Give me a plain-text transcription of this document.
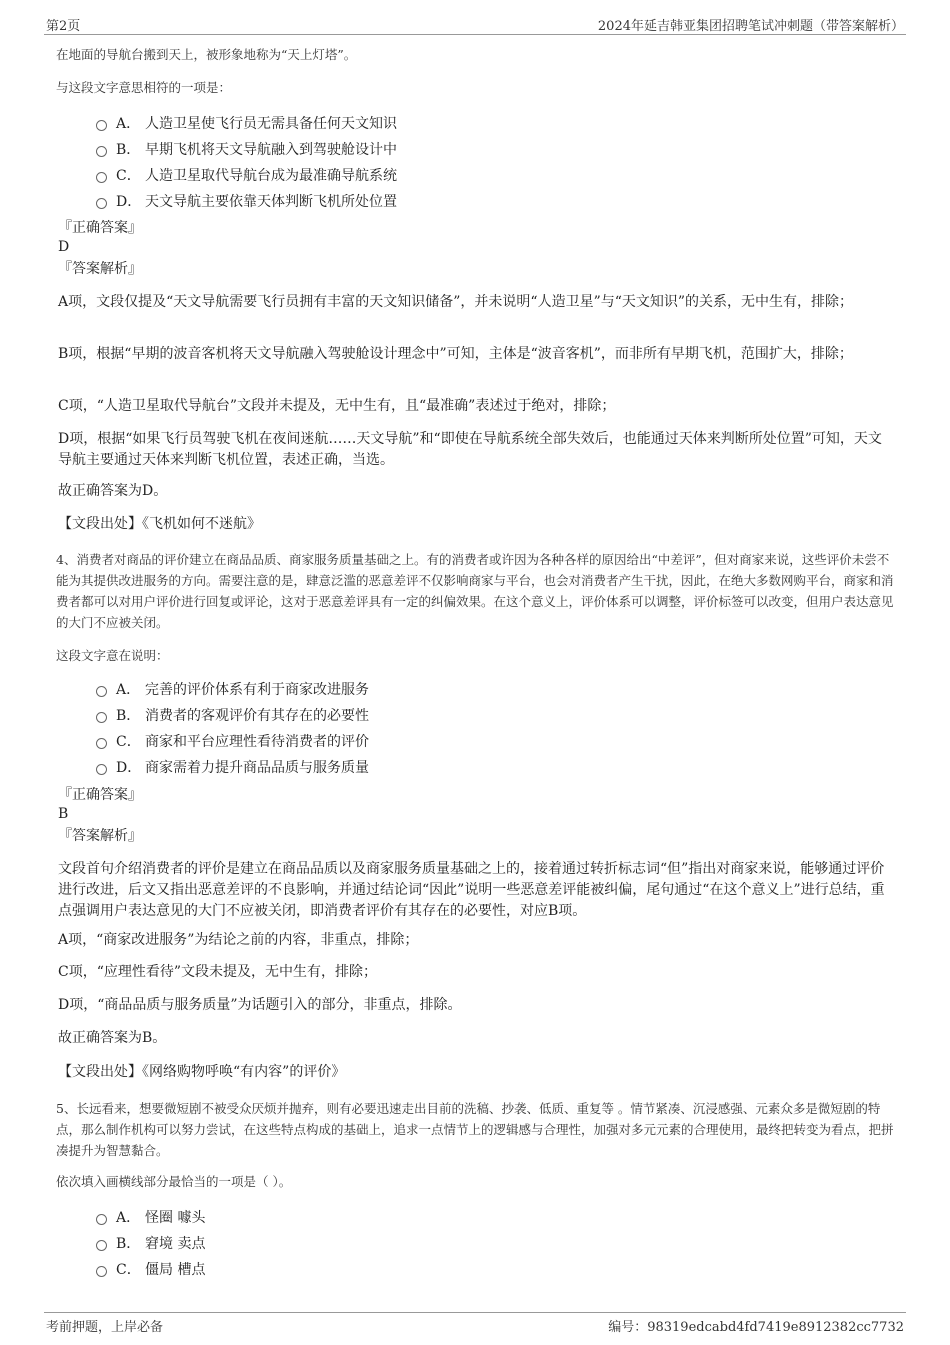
第2页	2024年延吉韩亚集团招聘笔试冲刺题（带答案解析）
在地面的导航台搬到天上，被形象地称为“天上灯塔”。
与这段文字意思相符的一项是：
A． 人造卫星使飞行员无需具备任何天文知识
B． 早期飞机将天文导航融入到驾驶舱设计中
C． 人造卫星取代导航台成为最准确导航系统
D． 天文导航主要依靠天体判断飞机所处位置
『正确答案』
D
『答案解析』
A项，文段仅提及“天文导航需要飞行员拥有丰富的天文知识储备”，并未说明“人造卫星”与“天文知识”的关系，无中生有，排除；
B项，根据“早期的波音客机将天文导航融入驾驶舱设计理念中”可知，主体是“波音客机”，而非所有早期飞机，范围扩大，排除；
C项，“人造卫星取代导航台”文段并未提及，无中生有，且“最准确”表述过于绝对，排除；
D项，根据“如果飞行员驾驶飞机在夜间迷航……天文导航”和“即使在导航系统全部失效后，也能通过天体来判断所处位置”可知，天文导航主要通过天体来判断飞机位置，表述正确，当选。
故正确答案为D。
【文段出处】《飞机如何不迷航》
4、消费者对商品的评价建立在商品品质、商家服务质量基础之上。有的消费者或许因为各种各样的原因给出“中差评”，但对商家来说，这些评价未尝不能为其提供改进服务的方向。需要注意的是，肆意泛滥的恶意差评不仅影响商家与平台，也会对消费者产生干扰，因此，在绝大多数网购平台，商家和消费者都可以对用户评价进行回复或评论，这对于恶意差评具有一定的纠偏效果。在这个意义上，评价体系可以调整，评价标签可以改变，但用户表达意见的大门不应被关闭。
这段文字意在说明：
A． 完善的评价体系有利于商家改进服务
B． 消费者的客观评价有其存在的必要性
C． 商家和平台应理性看待消费者的评价
D． 商家需着力提升商品品质与服务质量
『正确答案』
B
『答案解析』
文段首句介绍消费者的评价是建立在商品品质以及商家服务质量基础之上的，接着通过转折标志词“但”指出对商家来说，能够通过评价进行改进，后文又指出恶意差评的不良影响，并通过结论词“因此”说明一些恶意差评能被纠偏，尾句通过“在这个意义上”进行总结，重点强调用户表达意见的大门不应被关闭，即消费者评价有其存在的必要性，对应B项。
A项，“商家改进服务”为结论之前的内容，非重点，排除；
C项，“应理性看待”文段未提及，无中生有，排除；
D项，“商品品质与服务质量”为话题引入的部分，非重点，排除。
故正确答案为B。
【文段出处】《网络购物呼唤“有内容”的评价》
5、长远看来，想要微短剧不被受众厌烦并抛弃，则有必要迅速走出目前的洗稿、抄袭、低质、重复等 。情节紧凑、沉浸感强、元素众多是微短剧的特点，那么制作机构可以努力尝试，在这些特点构成的基础上，追求一点情节上的逻辑感与合理性，加强对多元元素的合理使用，最终把转变为看点，把拼凑提升为智慧黏合。
依次填入画横线部分最恰当的一项是（ ）。
A． 怪圈 噱头
B． 窘境 卖点
C． 僵局 槽点
考前押题，上岸必备	编号：98319edcabd4fd7419e8912382cc7732
